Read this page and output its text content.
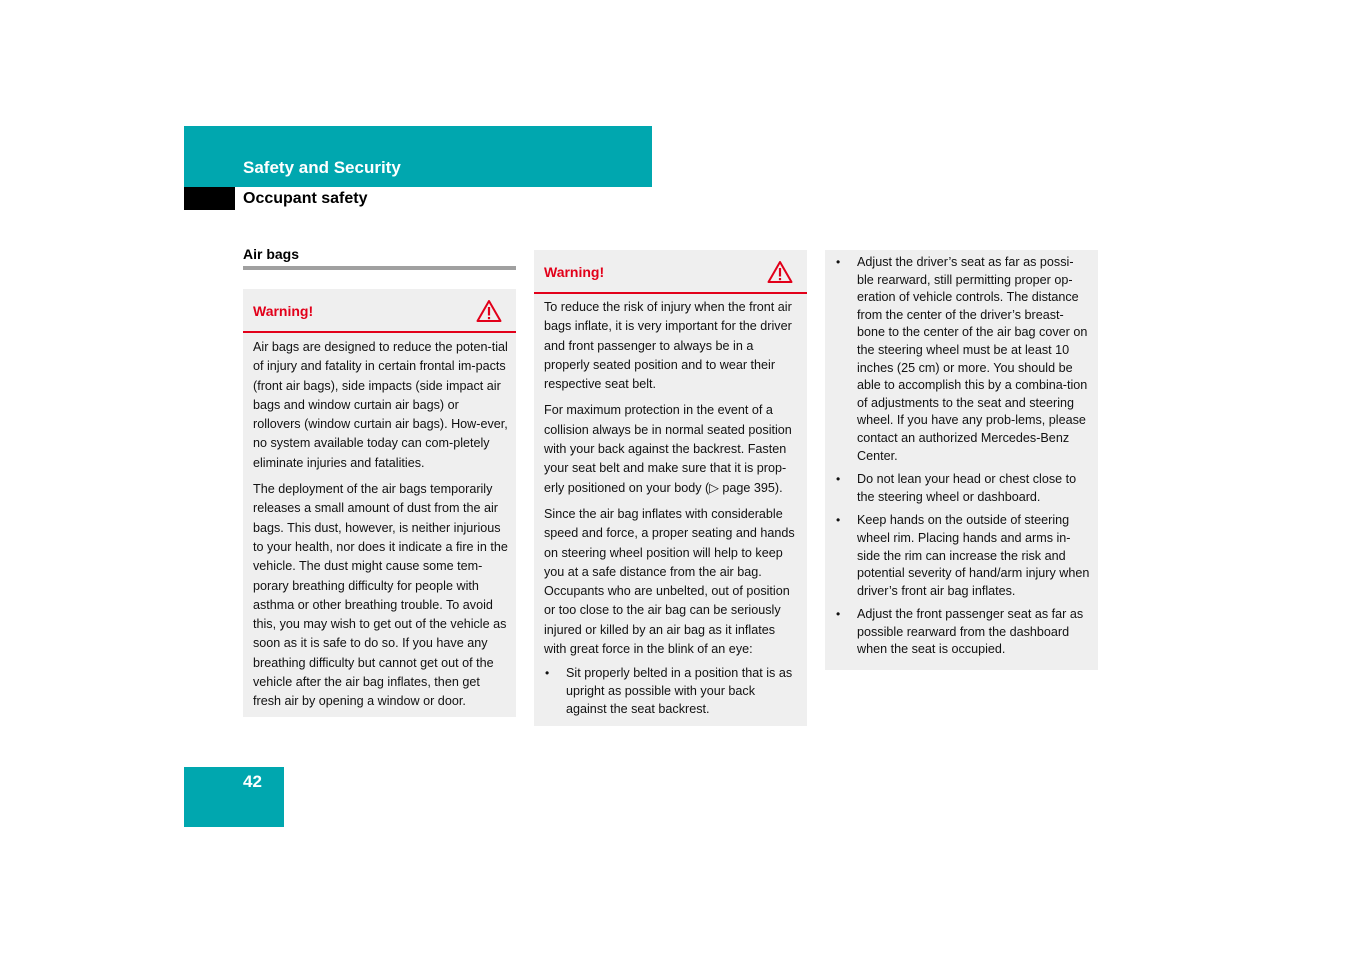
Safety and Security
Occupant safety
Air bags
Warning!

Air bags are designed to reduce the poten-tial of injury and fatality in certain frontal im-pacts (front air bags), side impacts (side impact air bags and window curtain air bags) or rollovers (window curtain air bags). How-ever, no system available today can com-pletely eliminate injuries and fatalities.

The deployment of the air bags temporarily releases a small amount of dust from the air bags. This dust, however, is neither injurious to your health, nor does it indicate a fire in the vehicle. The dust might cause some tem-porary breathing difficulty for people with asthma or other breathing trouble. To avoid this, you may wish to get out of the vehicle as soon as it is safe to do so. If you have any breathing difficulty but cannot get out of the vehicle after the air bag inflates, then get fresh air by opening a window or door.

Warning!

To reduce the risk of injury when the front air bags inflate, it is very important for the driver and front passenger to always be in a properly seated position and to wear their respective seat belt.

For maximum protection in the event of a collision always be in normal seated position with your back against the backrest. Fasten your seat belt and make sure that it is prop-erly positioned on your body (▷ page 395).

Since the air bag inflates with considerable speed and force, a proper seating and hands on steering wheel position will help to keep you at a safe distance from the air bag. Occupants who are unbelted, out of position or too close to the air bag can be seriously injured or killed by an air bag as it inflates with great force in the blink of an eye:

• Sit properly belted in a position that is as upright as possible with your back against the seat backrest.
• Adjust the driver’s seat as far as possi-ble rearward, still permitting proper op-eration of vehicle controls. The distance from the center of the driver’s breast-bone to the center of the air bag cover on the steering wheel must be at least 10 inches (25 cm) or more. You should be able to accomplish this by a combina-tion of adjustments to the seat and steering wheel. If you have any prob-lems, please contact an authorized Mercedes-Benz Center.
• Do not lean your head or chest close to the steering wheel or dashboard.
• Keep hands on the outside of steering wheel rim. Placing hands and arms in-side the rim can increase the risk and potential severity of hand/arm injury when driver’s front air bag inflates.
• Adjust the front passenger seat as far as possible rearward from the dashboard when the seat is occupied.
42
